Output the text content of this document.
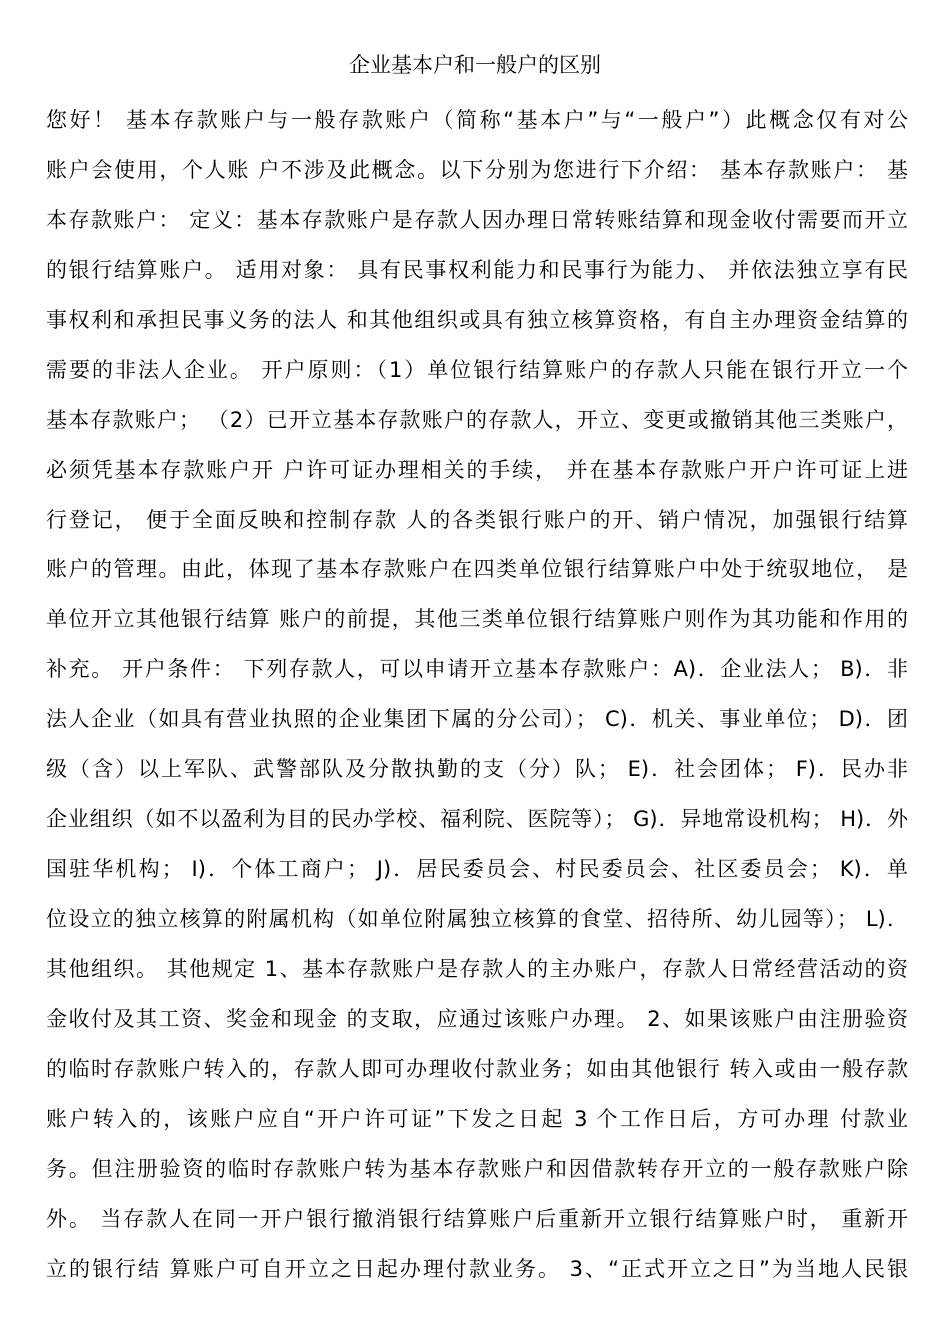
企业基本户和一般户的区别
您好！ 基本存款账户与一般存款账户（简称“基本户”与“一般户”）此概念仅有对公
账户会使用，个人账 户不涉及此概念。以下分别为您进行下介绍： 基本存款账户： 基
本存款账户： 定义：基本存款账户是存款人因办理日常转账结算和现金收付需要而开立
的银行结算账户。 适用对象： 具有民事权利能力和民事行为能力、 并依法独立享有民
事权利和承担民事义务的法人 和其他组织或具有独立核算资格，有自主办理资金结算的
需要的非法人企业。 开户原则：（1）单位银行结算账户的存款人只能在银行开立一个
基本存款账户； （2）已开立基本存款账户的存款人，开立、变更或撤销其他三类账户，
必须凭基本存款账户开 户许可证办理相关的手续， 并在基本存款账户开户许可证上进
行登记， 便于全面反映和控制存款 人的各类银行账户的开、销户情况，加强银行结算
账户的管理。由此，体现了基本存款账户在四类单位银行结算账户中处于统驭地位， 是
单位开立其他银行结算 账户的前提，其他三类单位银行结算账户则作为其功能和作用的
补充。 开户条件： 下列存款人，可以申请开立基本存款账户：A)．企业法人； B)．非
法人企业（如具有营业执照的企业集团下属的分公司）； C)．机关、事业单位； D)．团
级（含）以上军队、武警部队及分散执勤的支（分）队； E)．社会团体； F)．民办非
企业组织（如不以盈利为目的民办学校、福利院、医院等）； G)．异地常设机构； H)．外
国驻华机构； I)．个体工商户； J)．居民委员会、村民委员会、社区委员会； K)．单
位设立的独立核算的附属机构（如单位附属独立核算的食堂、招待所、幼儿园等）； L)．
其他组织。 其他规定 1、基本存款账户是存款人的主办账户，存款人日常经营活动的资
金收付及其工资、奖金和现金 的支取，应通过该账户办理。 2、如果该账户由注册验资
的临时存款账户转入的，存款人即可办理收付款业务；如由其他银行 转入或由一般存款
账户转入的，该账户应自“开户许可证”下发之日起 3 个工作日后，方可办理 付款业
务。但注册验资的临时存款账户转为基本存款账户和因借款转存开立的一般存款账户除
外。 当存款人在同一开户银行撤消银行结算账户后重新开立银行结算账户时， 重新开
立的银行结 算账户可自开立之日起办理付款业务。 3、“正式开立之日”为当地人民银
